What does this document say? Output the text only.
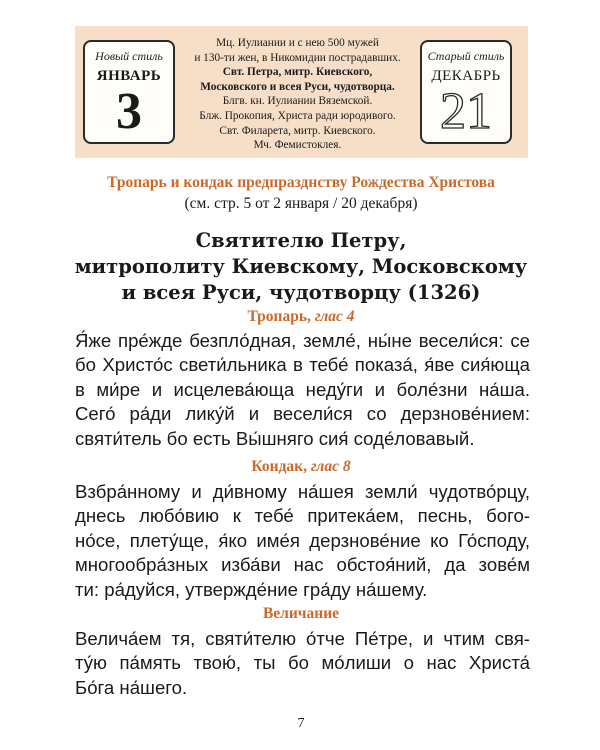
Новый стиль
ЯНВАРЬ
3
Мц. Иулиании и с нею 500 мужей
и 130-ти жен, в Никомидии пострадавших.
Свт. Петра, митр. Киевского,
Московского и всея Руси, чудотворца.
Блгв. кн. Иулиании Вяземской.
Блж. Прокопия, Христа ради юродивого.
Свт. Филарета, митр. Киевского.
Мч. Фемистоклея.
Старый стиль
ДЕКАБРЬ
21
Тропарь и кондак предпразднству Рождества Христова
(см. стр. 5 от 2 января / 20 декабря)
Святителю Петру,
митрополиту Киевскому, Московскому
и всея Руси, чудотворцу (1326)
Тропарь, глас 4
Я́же пре́жде безпло́дная, земле́, ны́не весели́ся: се
бо Христо́с свети́льника в тебе́ показа́, я́ве сия́юща
в ми́ре и исцелева́юща неду́ги и боле́зни на́ша.
Сего́ ра́ди лику́й и весели́ся со дерзнове́нием:
святи́тель бо есть Вы́шняго сия́ соде́ловавый.
Кондак, глас 8
Взбра́нному и ди́вному на́шея земли́ чудотво́рцу,
днесь любо́вию к тебе́ притека́ем, песнь, бого-
но́се, плету́ще, я́ко име́я дерзнове́ние ко Го́споду,
многообра́зных изба́ви нас обстоя́ний, да зове́м
ти: ра́дуйся, утвержде́ние гра́ду на́шему.
Величание
Велича́ем тя, святи́телю о́тче Пе́тре, и чтим свя-
ту́ю па́мять твою́, ты бо мо́лиши о нас Христа́
Бо́га на́шего.
7
